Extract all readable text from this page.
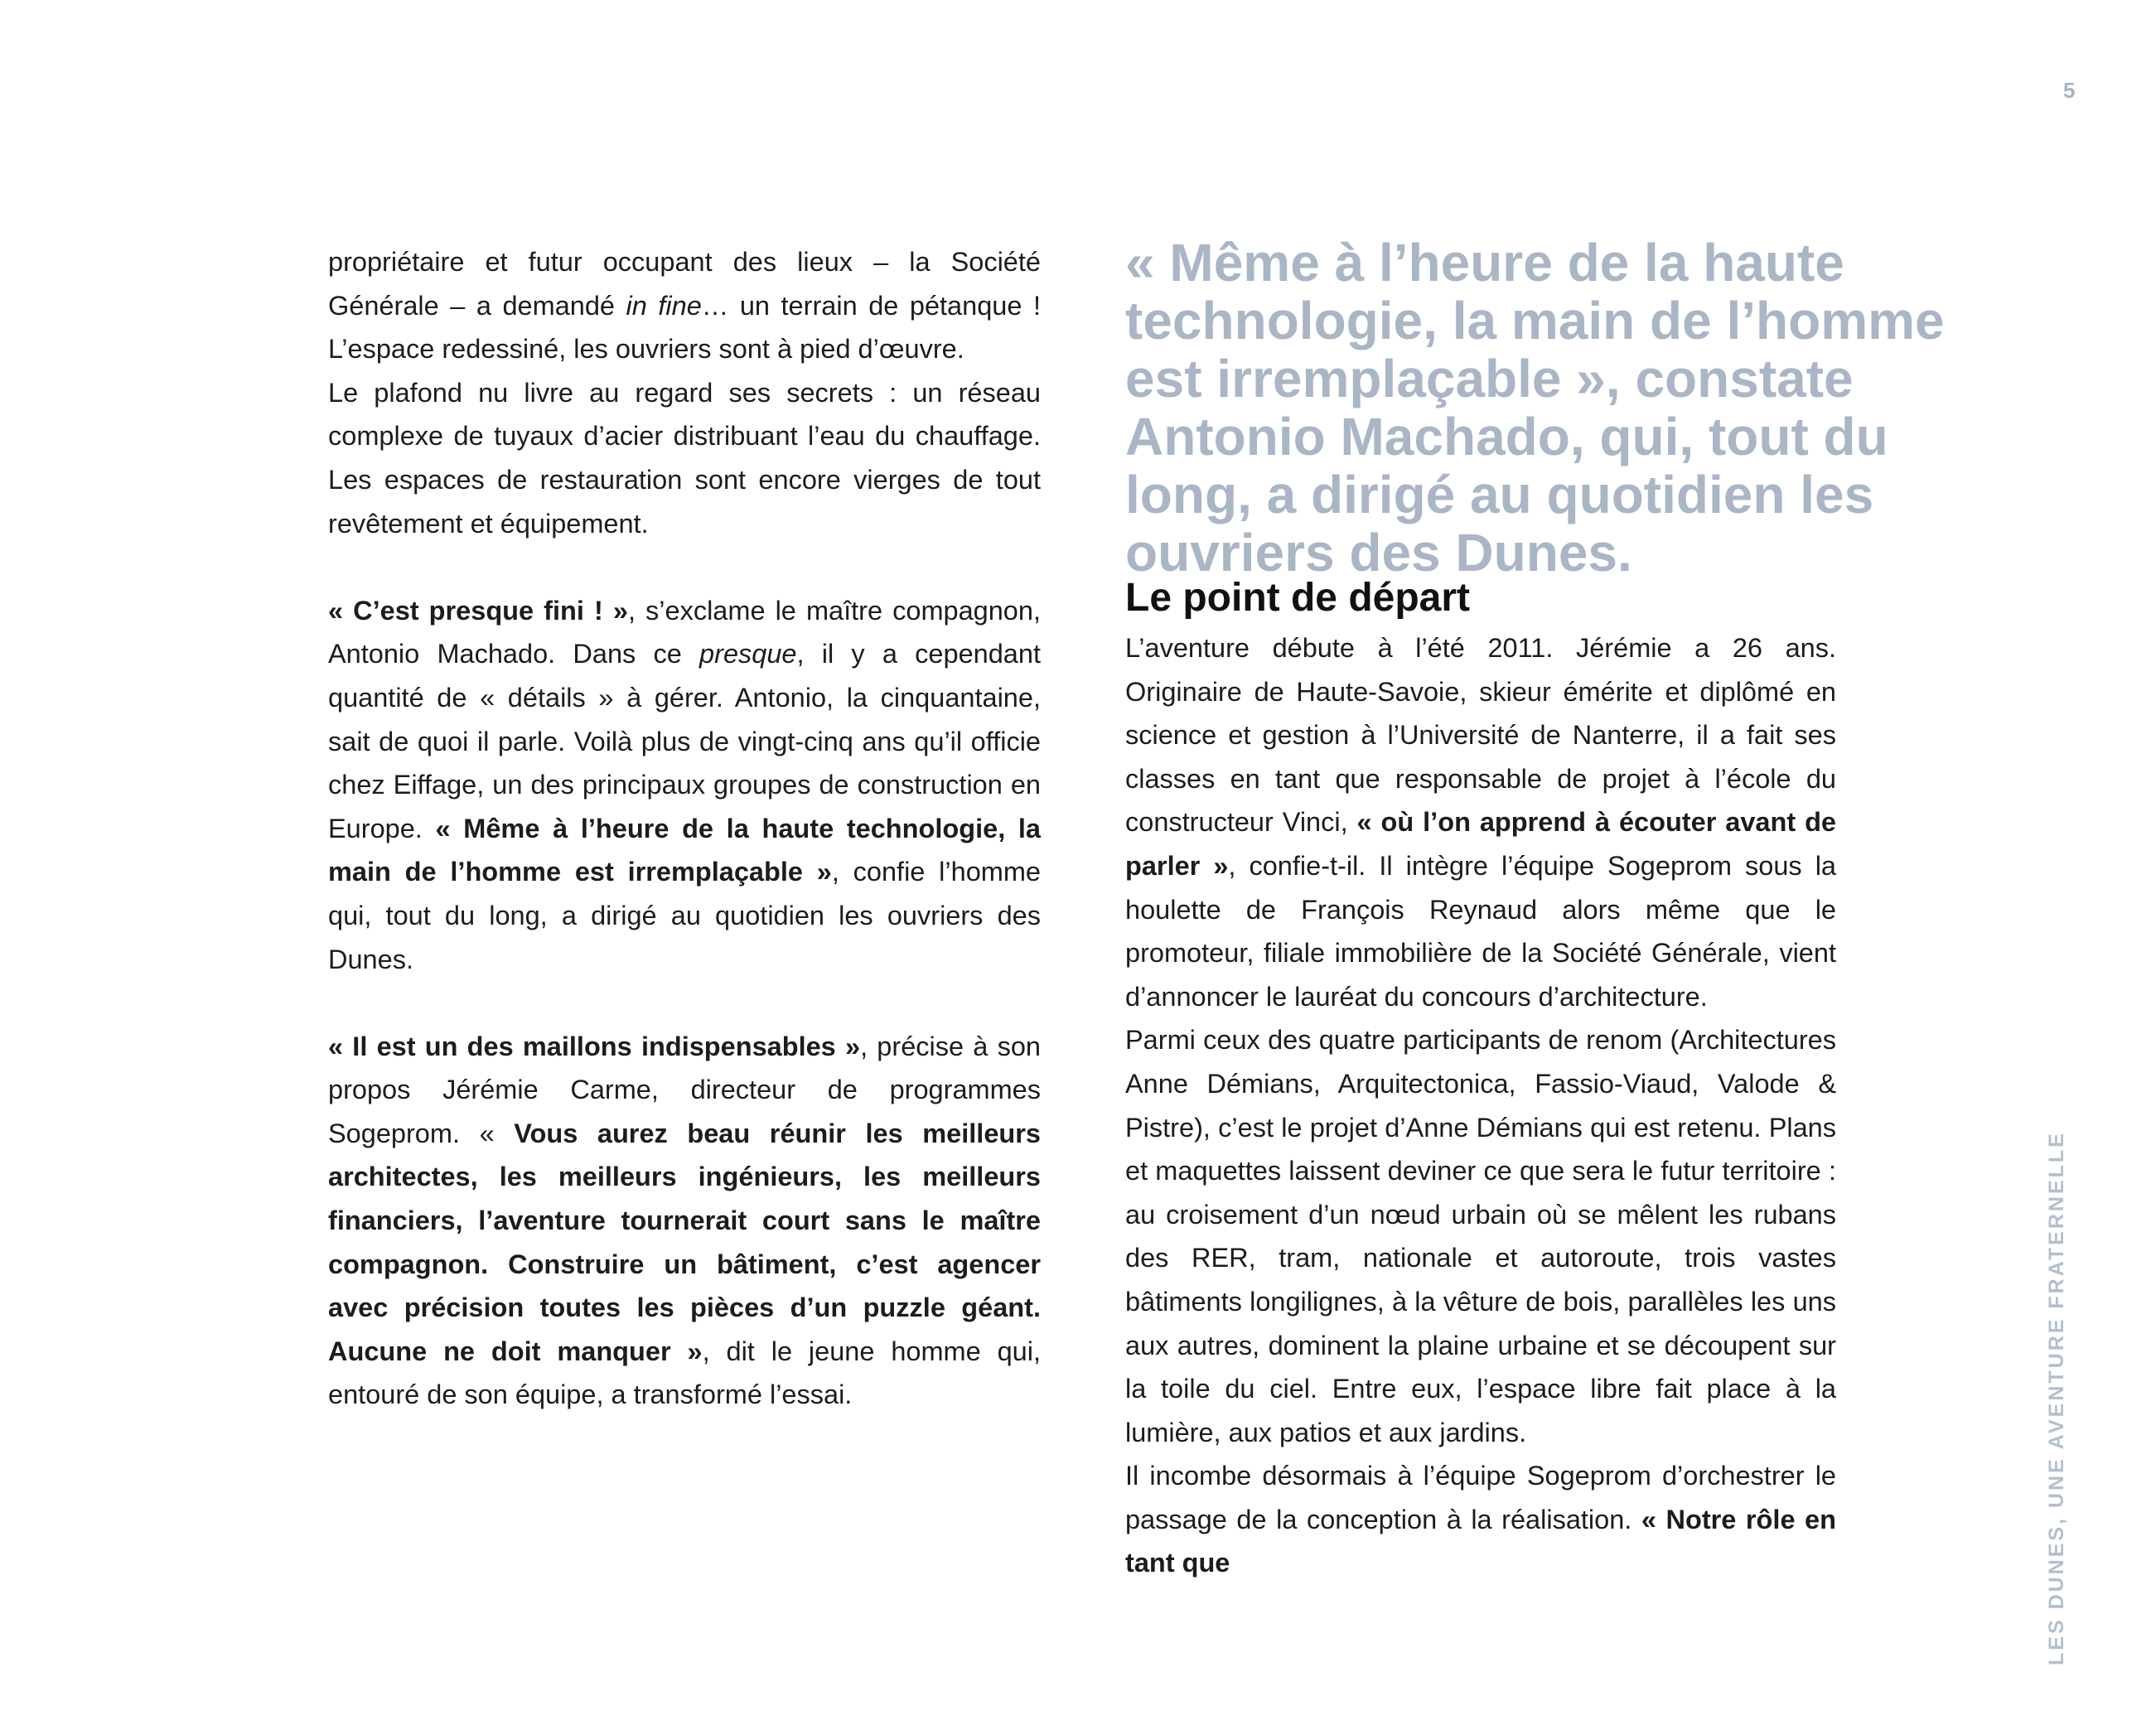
5

propriétaire et futur occupant des lieux – la Société Générale – a demandé in fine… un terrain de pétanque ! L’espace redessiné, les ouvriers sont à pied d’œuvre.

Le plafond nu livre au regard ses secrets : un réseau complexe de tuyaux d’acier distribuant l’eau du chauffage. Les espaces de restauration sont encore vierges de tout revêtement et équipement.

« C’est presque fini ! », s’exclame le maître compagnon, Antonio Machado. Dans ce presque, il y a cependant quantité de « détails » à gérer. Antonio, la cinquantaine, sait de quoi il parle. Voilà plus de vingt-cinq ans qu’il officie chez Eiffage, un des principaux groupes de construction en Europe. « Même à l’heure de la haute technologie, la main de l’homme est irremplaçable », confie l’homme qui, tout du long, a dirigé au quotidien les ouvriers des Dunes.

« Il est un des maillons indispensables », précise à son propos Jérémie Carme, directeur de programmes Sogeprom. « Vous aurez beau réunir les meilleurs architectes, les meilleurs ingénieurs, les meilleurs financiers, l’aventure tournerait court sans le maître compagnon. Construire un bâtiment, c’est agencer avec précision toutes les pièces d’un puzzle géant. Aucune ne doit manquer », dit le jeune homme qui, entouré de son équipe, a transformé l’essai.

« Même à l’heure de la haute technologie, la main de l’homme est irremplaçable », constate Antonio Machado, qui, tout du long, a dirigé au quotidien les ouvriers des Dunes.
Le point de départ

L’aventure débute à l’été 2011. Jérémie a 26 ans. Originaire de Haute-Savoie, skieur émérite et diplômé en science et gestion à l’Université de Nanterre, il a fait ses classes en tant que responsable de projet à l’école du constructeur Vinci, « où l’on apprend à écouter avant de parler », confie-t-il. Il intègre l’équipe Sogeprom sous la houlette de François Reynaud alors même que le promoteur, filiale immobilière de la Société Générale, vient d’annoncer le lauréat du concours d’architecture.

Parmi ceux des quatre participants de renom (Architectures Anne Démians, Arquitectonica, Fassio-Viaud, Valode & Pistre), c’est le projet d’Anne Démians qui est retenu. Plans et maquettes laissent deviner ce que sera le futur territoire : au croisement d’un nœud urbain où se mêlent les rubans des RER, tram, nationale et autoroute, trois vastes bâtiments longilignes, à la vêture de bois, parallèles les uns aux autres, dominent la plaine urbaine et se découpent sur la toile du ciel. Entre eux, l’espace libre fait place à la lumière, aux patios et aux jardins.

Il incombe désormais à l’équipe Sogeprom d’orchestrer le passage de la conception à la réalisation. « Notre rôle en tant que	LES DUNES, UNE AVENTURE FRATERNELLE
